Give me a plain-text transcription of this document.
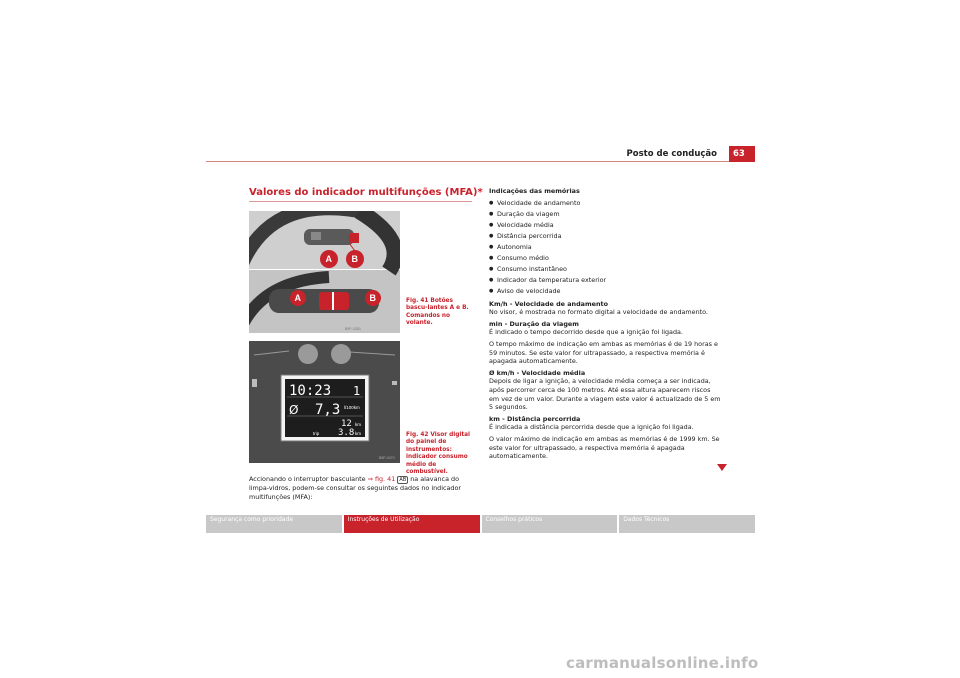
Posto de condução	63
Valores do indicador multifunções (MFA)*
B5P-0283
A B
A	B	Fig. 41 Botões bascu-lantes A e B. Comandos no volante.
10:23 1
Ø 7,3 l/100km
12 km
trip 3.8 km
B5P-0470
Fig. 42 Visor digital do painel de instrumentos: indicador consumo médio de combustível.
Accionando o interruptor basculante ⇒ fig. 41 AB na alavanca do limpa-vidros, podem-se consultar os seguintes dados no indicador multifunções (MFA):

Indicações das memórias

● Velocidade de andamento
● Duração da viagem
● Velocidade média
● Distância percorrida
● Autonomia
● Consumo médio
● Consumo instantâneo
● Indicador da temperatura exterior
● Aviso de velocidade

Km/h - Velocidade de andamento

No visor, é mostrada no formato digital a velocidade de andamento.

min - Duração da viagem

É indicado o tempo decorrido desde que a ignição foi ligada.

O tempo máximo de indicação em ambas as memórias é de 19 horas e 59 minutos. Se este valor for ultrapassado, a respectiva memória é apagada automaticamente.

Ø km/h - Velocidade média

Depois de ligar a ignição, a velocidade média começa a ser indicada, após percorrer cerca de 100 metros. Até essa altura aparecem riscos em vez de um valor. Durante a viagem este valor é actualizado de 5 em 5 segundos.

km - Distância percorrida

É indicada a distância percorrida desde que a ignição foi ligada.

O valor máximo de indicação em ambas as memórias é de 1999 km. Se este valor for ultrapassado, a respectiva memória é apagada automaticamente.

Segurança como prioridade	Instruções de Utilização	Conselhos práticos	Dados Técnicos
carmanualsonline.info
